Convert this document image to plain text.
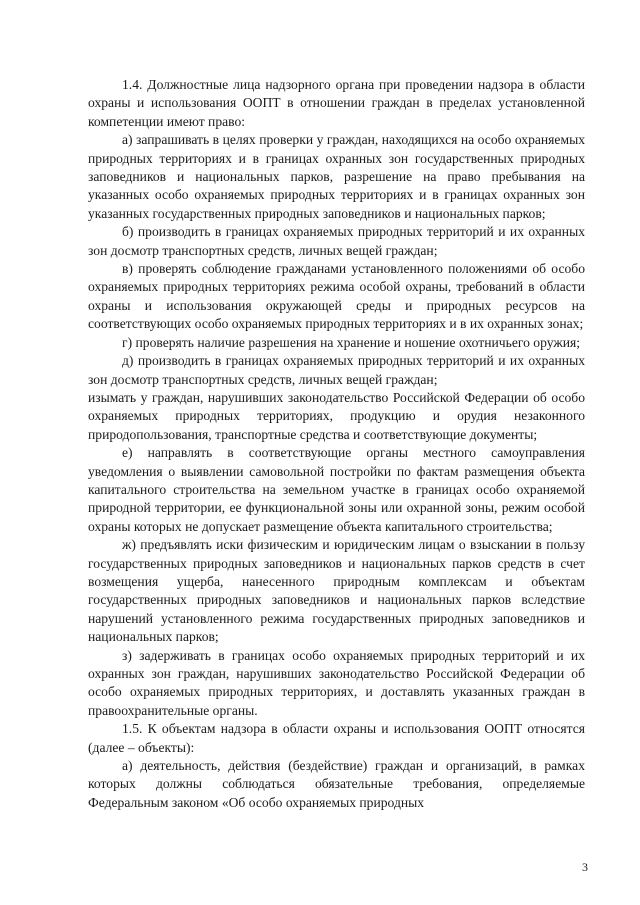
1.4. Должностные лица надзорного органа при проведении надзора в области охраны и использования ООПТ в отношении граждан в пределах установленной компетенции имеют право:

а) запрашивать в целях проверки у граждан, находящихся на особо охраняемых природных территориях и в границах охранных зон государственных природных заповедников и национальных парков, разрешение на право пребывания на указанных особо охраняемых природных территориях и в границах охранных зон указанных государственных природных заповедников и национальных парков;

б) производить в границах охраняемых природных территорий и их охранных зон досмотр транспортных средств, личных вещей граждан;

в) проверять соблюдение гражданами установленного положениями об особо охраняемых природных территориях режима особой охраны, требований в области охраны и использования окружающей среды и природных ресурсов на соответствующих особо охраняемых природных территориях и в их охранных зонах;

г) проверять наличие разрешения на хранение и ношение охотничьего оружия;

д) производить в границах охраняемых природных территорий и их охранных зон досмотр транспортных средств, личных вещей граждан;

изымать у граждан, нарушивших законодательство Российской Федерации об особо охраняемых природных территориях, продукцию и орудия незаконного природопользования, транспортные средства и соответствующие документы;

е) направлять в соответствующие органы местного самоуправления уведомления о выявлении самовольной постройки по фактам размещения объекта капитального строительства на земельном участке в границах особо охраняемой природной территории, ее функциональной зоны или охранной зоны, режим особой охраны которых не допускает размещение объекта капитального строительства;

ж) предъявлять иски физическим и юридическим лицам о взыскании в пользу государственных природных заповедников и национальных парков средств в счет возмещения ущерба, нанесенного природным комплексам и объектам государственных природных заповедников и национальных парков вследствие нарушений установленного режима государственных природных заповедников и национальных парков;

з) задерживать в границах особо охраняемых природных территорий и их охранных зон граждан, нарушивших законодательство Российской Федерации об особо охраняемых природных территориях, и доставлять указанных граждан в правоохранительные органы.

1.5. К объектам надзора в области охраны и использования ООПТ относятся (далее – объекты):

а) деятельность, действия (бездействие) граждан и организаций, в рамках которых должны соблюдаться обязательные требования, определяемые Федеральным законом «Об особо охраняемых природных

3
